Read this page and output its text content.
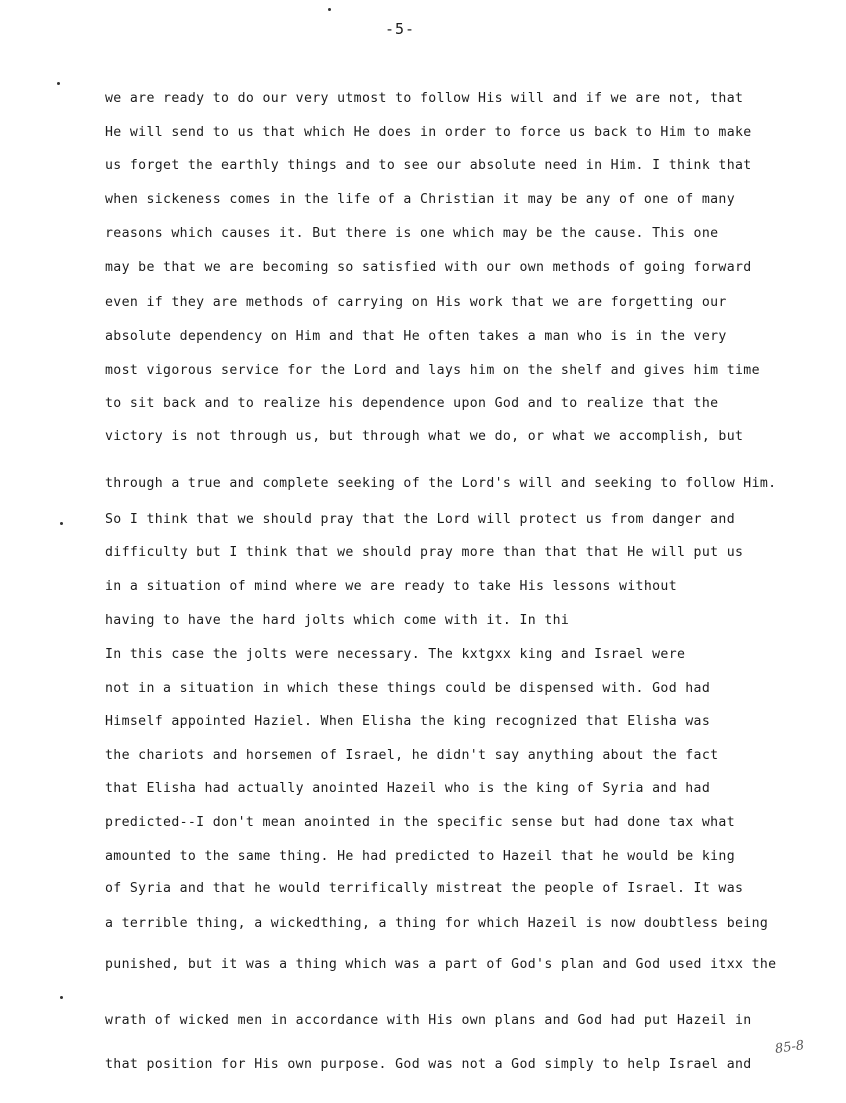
-5-
we are ready to do our very utmost to follow His will and if we are not, that
He will send to us that which He does in order to force us back to Him to make
us forget the earthly things and to see our absolute need in Him. I think that
when sickeness comes in the life of a Christian it may be any of one of many
reasons which causes it. But there is one which may be the cause. This one
may be that we are becoming so satisfied with our own methods of going forward
even if they are methods of carrying on His work that we are forgetting our
absolute dependency on Him and that He often takes a man who is in the very
most vigorous service for the Lord and lays him on the shelf and gives him time
to sit back and to realize his dependence upon God and to realize that the
victory is not through us, but through what we do, or what we accomplish, but
through a true and complete seeking of the Lord's will and seeking to follow Him.
So I think that we should pray that the Lord will protect us from danger and
difficulty but I think that we should pray more than that that He will put us
in a situation of mind where we are ready to take His lessons without
having to have the hard jolts which come with it. In thi
In this case the jolts were necessary. The kxtgxx king and Israel were
not in a situation in which these things could be dispensed with. God had
Himself appointed Haziel. When Elisha the king recognized that Elisha was
the chariots and horsemen of Israel, he didn't say anything about the fact
that Elisha had actually anointed Hazeil who is the king of Syria and had
predicted--I don't mean anointed in the specific sense but had done tax what
amounted to the same thing. He had predicted to Hazeil that he would be king
of Syria and that he would terrifically mistreat the people of Israel. It was
a terrible thing, a wickedthing, a thing for which Hazeil is now doubtless being
punished, but it was a thing which was a part of God's plan and God used itxx the
wrath of wicked men in accordance with His own plans and God had put Hazeil in
that position for His own purpose. God was not a God simply to help Israel and
85-8
